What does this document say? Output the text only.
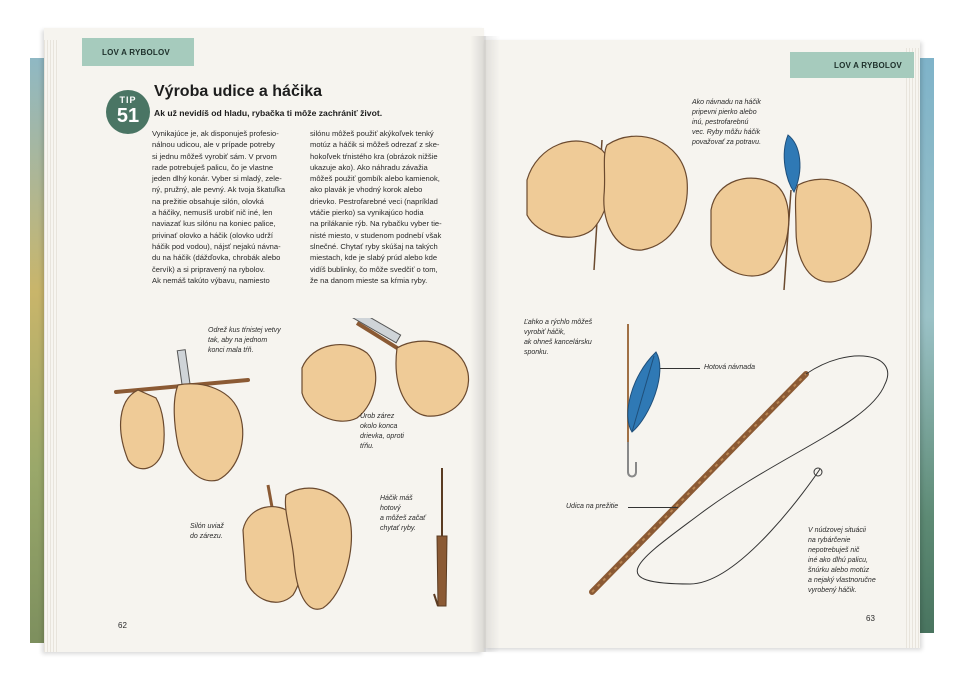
LOV A RYBOLOV
TIP
51
Výroba udice a háčika
Ak už nevidíš od hladu, rybačka ti môže zachrániť život.
Vynikajúce je, ak disponuješ profesio-
nálnou udicou, ale v prípade potreby
si jednu môžeš vyrobiť sám. V prvom
rade potrebuješ palicu, čo je vlastne
jeden dlhý konár. Vyber si mladý, zele-
ný, pružný, ale pevný. Ak tvoja škatuľka
na prežitie obsahuje silón, olovká
a háčiky, nemusíš urobiť nič iné, len
naviazať kus silónu na koniec palice,
privinať olovko a háčik (olovko udrží
háčik pod vodou), nájsť nejakú návna-
du na háčik (dážďovka, chrobák alebo
červík) a si pripravený na rybolov.
Ak nemáš takúto výbavu, namiesto
silónu môžeš použiť akýkoľvek tenký
motúz a háčik si môžeš odrezať z ske-
hokoľvek tŕnistého kra (obrázok nižšie
ukazuje ako). Ako náhradu závažia
môžeš použiť gombík alebo kamienok,
ako plavák je vhodný korok alebo
drievko. Pestrofarebné veci (napríklad
vtáčie pierko) sa vynikajúco hodia
na prilákanie rýb. Na rybačku vyber tie-
nisté miesto, v studenom podnebí však
slnečné. Chytať ryby skúšaj na takých
miestach, kde je slabý prúd alebo kde
vidíš bublinky, čo môže svedčiť o tom,
že na danom mieste sa kŕmia ryby.
Odrež kus tŕnistej vetvy
tak, aby na jednom
konci mala tŕň.
Urob zárez
okolo konca
drievka, oproti
tŕňu.
Silón uviaž
do zárezu.
Háčik máš
hotový
a môžeš začať
chytať ryby.
62
LOV A RYBOLOV
Ako návnadu na háčik
pripevni pierko alebo
inú, pestrofarebnú
vec. Ryby môžu háčik
považovať za potravu.
Ľahko a rýchlo môžeš
vyrobiť háčik,
ak ohneš kancelársku
sponku.
Hotová návnada
Udica na prežitie
V núdzovej situácii
na rybárčenie
nepotrebuješ nič
iné ako dlhú palicu,
šnúrku alebo motúz
a nejaký vlastnoručne
vyrobený háčik.
63
